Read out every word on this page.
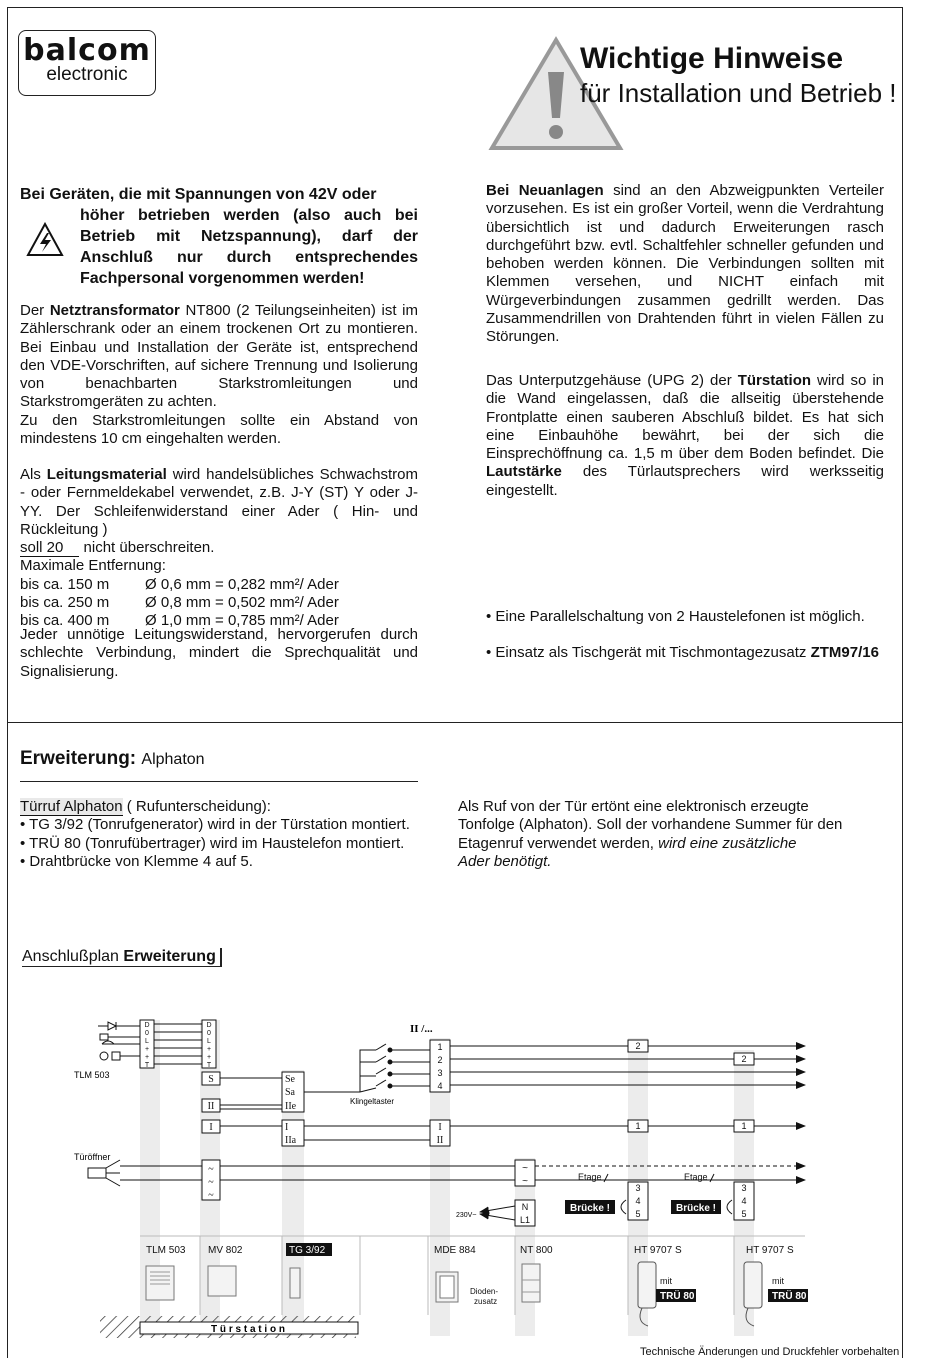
balcom
electronic	Wichtige Hinweise
für Installation und Betrieb !
Bei Geräten, die mit Spannungen von 42V oder
höher betrieben werden (also auch bei Betrieb mit Netzspannung), darf der Anschluß nur durch entsprechendes Fachpersonal vorgenommen werden!
Der Netztransformator NT800 (2 Teilungseinheiten) ist im Zählerschrank oder an einem trockenen Ort zu montieren. Bei Einbau und Installation der Geräte ist, entsprechend den VDE-Vorschriften, auf sichere Trennung und Isolierung von benachbarten Starkstromleitungen und Starkstromgeräten zu achten.
Zu den Starkstromleitungen sollte ein Abstand von mindestens 10 cm eingehalten werden.
Als Leitungsmaterial wird handelsübliches Schwachstrom - oder Fernmeldekabel verwendet, z.B. J-Y (ST) Y oder J-YY. Der Schleifenwiderstand einer Ader ( Hin- und Rückleitung )
soll 20 nicht überschreiten.
Maximale Entfernung:
bis ca. 150 m Ø 0,6 mm = 0,282 mm²/ Ader
bis ca. 250 m Ø 0,8 mm = 0,502 mm²/ Ader
bis ca. 400 m Ø 1,0 mm = 0,785 mm²/ Ader
Jeder unnötige Leitungswiderstand, hervorgerufen durch schlechte Verbindung, mindert die Sprechqualität und Signalisierung.
Bei Neuanlagen sind an den Abzweigpunkten Verteiler vorzusehen. Es ist ein großer Vorteil, wenn die Verdrahtung übersichtlich ist und dadurch Erweiterungen rasch durchgeführt bzw. evtl. Schaltfehler schneller gefunden und behoben werden können. Die Verbindungen sollten mit Klemmen versehen, und NICHT einfach mit Würgeverbindungen zusammen gedrillt werden. Das Zusammendrillen von Drahtenden führt in vielen Fällen zu Störungen.
Das Unterputzgehäuse (UPG 2) der Türstation wird so in die Wand eingelassen, daß die allseitig überstehende Frontplatte einen sauberen Abschluß bildet. Es hat sich eine Einbauhöhe bewährt, bei der sich die Einsprechöffnung ca. 1,5 m über dem Boden befindet. Die Lautstärke des Türlautsprechers wird werksseitig eingestellt.
• Eine Parallelschaltung von 2 Haustelefonen ist möglich.
• Einsatz als Tischgerät mit Tischmontagezusatz ZTM97/16
Erweiterung: Alphaton
Türruf Alphaton ( Rufunterscheidung):
• TG 3/92 (Tonrufgenerator) wird in der Türstation montiert.
• TRÜ 80 (Tonrufübertrager) wird im Haustelefon montiert.
• Drahtbrücke von Klemme 4 auf 5.
Als Ruf von der Tür ertönt eine elektronisch erzeugte
Tonfolge (Alphaton). Soll der vorhandene Summer für den
Etagenruf verwendet werden, wird eine zusätzliche
Ader benötigt.
Anschlußplan Erweiterung
D
0
L
+
+
T
TLM 503
D
0
L
+
+
T
S
II
I
~
~
~
Se
Sa
IIe
I
IIa
Klingeltaster
II /...
1
2
3
4
I
II
Türöffner
2
2
1	1
3
4
5
3
4
5
Etage	Etage
Brücke !	Brücke !
~
~
N
L1
230V~
TLM 503 MV 802	TG 3/92	MDE 884	NT 800	HT 9707 S	HT 9707 S
Dioden-
zusatz
mit	mit
TRÜ 80	TRÜ 80
T ü r s t a t i o n
Technische Änderungen und Druckfehler vorbehalten
